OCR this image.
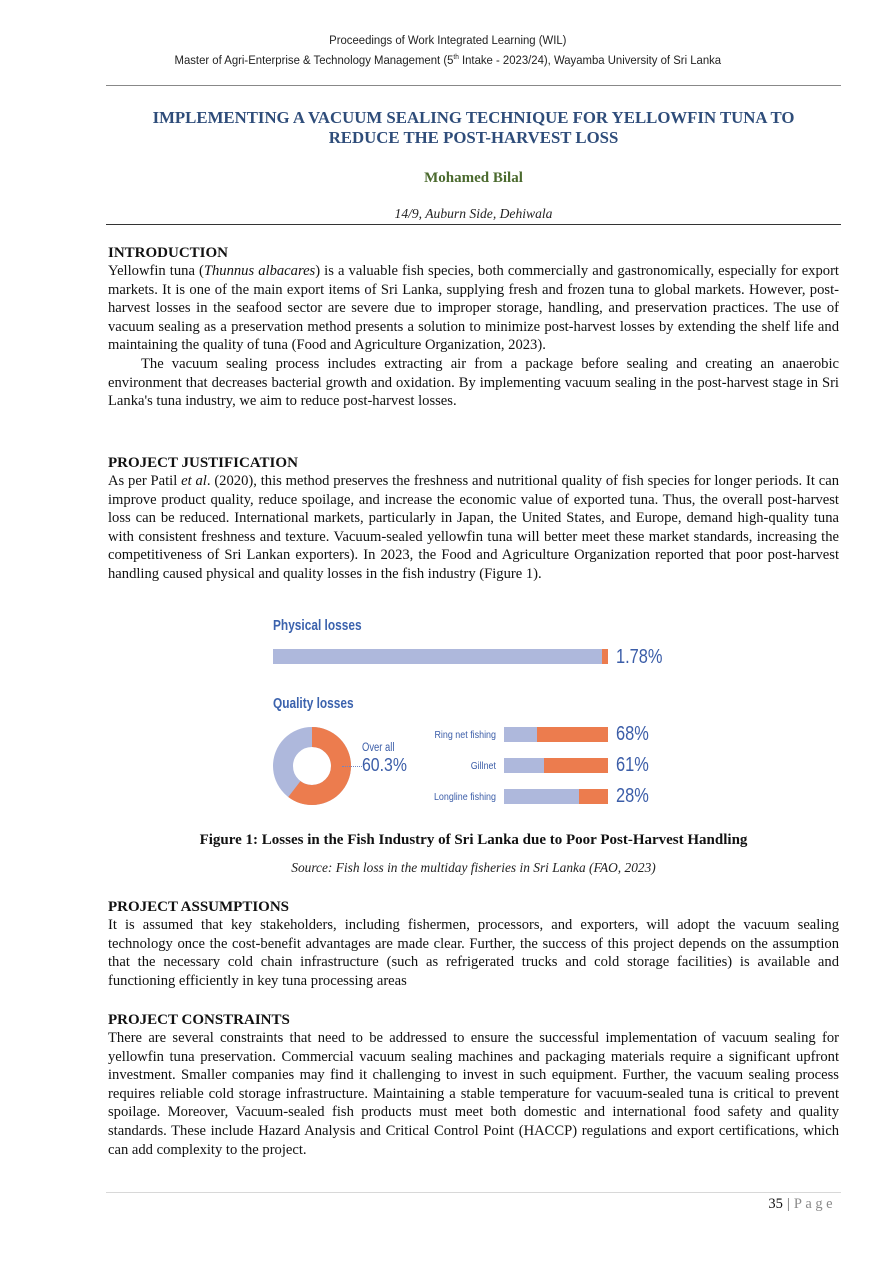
Proceedings of Work Integrated Learning (WIL)
Master of Agri-Enterprise & Technology Management (5th Intake - 2023/24), Wayamba University of Sri Lanka
IMPLEMENTING A VACUUM SEALING TECHNIQUE FOR YELLOWFIN TUNA TO
REDUCE THE POST-HARVEST LOSS
Mohamed Bilal
14/9, Auburn Side, Dehiwala
INTRODUCTION

Yellowfin tuna (Thunnus albacares) is a valuable fish species, both commercially and gastronomically, especially for export markets. It is one of the main export items of Sri Lanka, supplying fresh and frozen tuna to global markets. However, post-harvest losses in the seafood sector are severe due to improper storage, handling, and preservation practices. The use of vacuum sealing as a preservation method presents a solution to minimize post-harvest losses by extending the shelf life and maintaining the quality of tuna (Food and Agriculture Organization, 2023).

The vacuum sealing process includes extracting air from a package before sealing and creating an anaerobic environment that decreases bacterial growth and oxidation. By implementing vacuum sealing in the post-harvest stage in Sri Lanka's tuna industry, we aim to reduce post-harvest losses.

PROJECT JUSTIFICATION

As per Patil et al. (2020), this method preserves the freshness and nutritional quality of fish species for longer periods. It can improve product quality, reduce spoilage, and increase the economic value of exported tuna. Thus, the overall post-harvest loss can be reduced. International markets, particularly in Japan, the United States, and Europe, demand high-quality tuna with consistent freshness and texture. Vacuum-sealed yellowfin tuna will better meet these market standards, increasing the competitiveness of Sri Lankan exporters). In 2023, the Food and Agriculture Organization reported that poor post-harvest handling caused physical and quality losses in the fish industry (Figure 1).

Physical losses
1.78%
Quality losses
Over all
60.3%
Ring net fishing	68%
Gillnet	61%
Longline fishing	28%
Figure 1: Losses in the Fish Industry of Sri Lanka due to Poor Post-Harvest Handling
Source: Fish loss in the multiday fisheries in Sri Lanka (FAO, 2023)
PROJECT ASSUMPTIONS

It is assumed that key stakeholders, including fishermen, processors, and exporters, will adopt the vacuum sealing technology once the cost-benefit advantages are made clear. Further, the success of this project depends on the assumption that the necessary cold chain infrastructure (such as refrigerated trucks and cold storage facilities) is available and functioning efficiently in key tuna processing areas

PROJECT CONSTRAINTS

There are several constraints that need to be addressed to ensure the successful implementation of vacuum sealing for yellowfin tuna preservation. Commercial vacuum sealing machines and packaging materials require a significant upfront investment. Smaller companies may find it challenging to invest in such equipment. Further, the vacuum sealing process requires reliable cold storage infrastructure. Maintaining a stable temperature for vacuum-sealed tuna is critical to prevent spoilage. Moreover, Vacuum-sealed fish products must meet both domestic and international food safety and quality standards. These include Hazard Analysis and Critical Control Point (HACCP) regulations and export certifications, which can add complexity to the project.

35 | Page
